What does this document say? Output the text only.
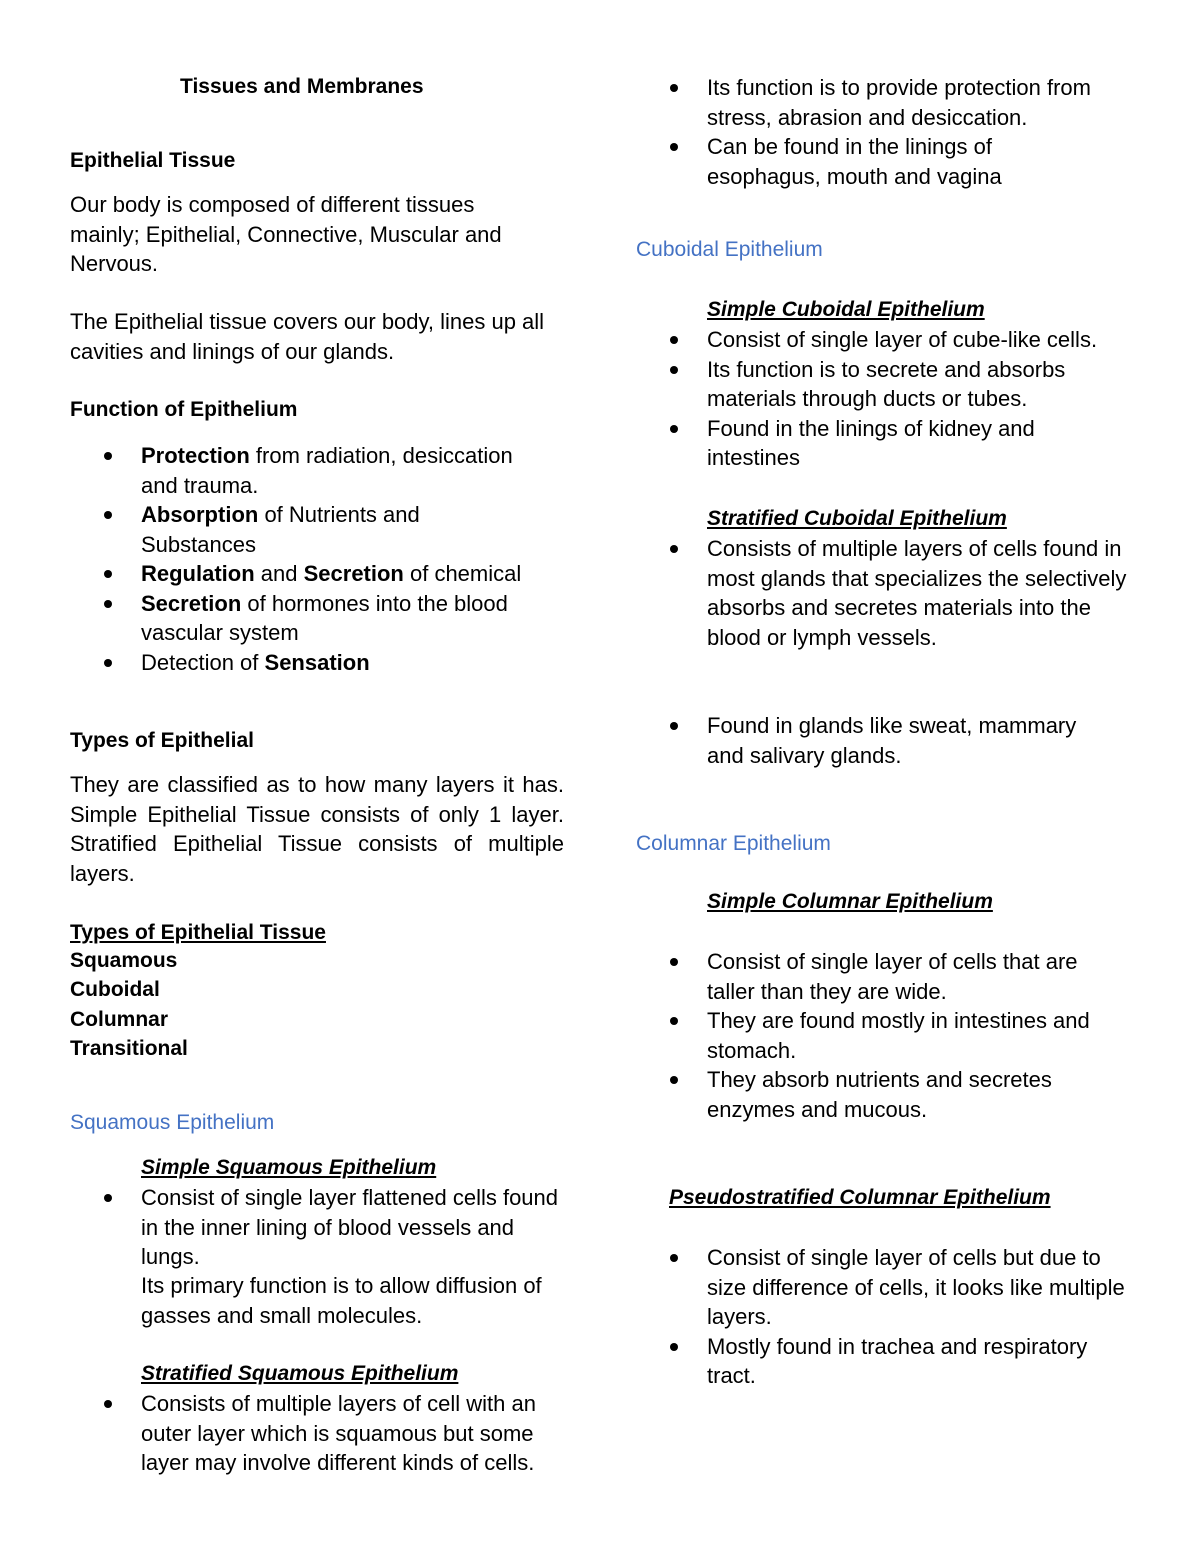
Tissues and Membranes
Epithelial Tissue

Our body is composed of different tissues mainly; Epithelial, Connective, Muscular and Nervous.

The Epithelial tissue covers our body, lines up all cavities and linings of our glands.

Function of Epithelium
Protection from radiation, desiccation and trauma.
Absorption of Nutrients and Substances
Regulation and Secretion of chemical
Secretion of hormones into the blood vascular system
Detection of Sensation
Types of Epithelial

They are classified as to how many layers it has. Simple Epithelial Tissue consists of only 1 layer. Stratified Epithelial Tissue consists of multiple layers.

Types of Epithelial Tissue
Squamous
Cuboidal
Columnar
Transitional
Squamous Epithelium
Simple Squamous Epithelium
Consist of single layer flattened cells found in the inner lining of blood vessels and lungs.

Its primary function is to allow diffusion of gasses and small molecules.

Stratified Squamous Epithelium
Consists of multiple layers of cell with an outer layer which is squamous but some layer may involve different kinds of cells.
Its function is to provide protection from stress, abrasion and desiccation.
Can be found in the linings of esophagus, mouth and vagina
Cuboidal Epithelium
Simple Cuboidal Epithelium
Consist of single layer of cube-like cells.
Its function is to secrete and absorbs materials through ducts or tubes.
Found in the linings of kidney and intestines
Stratified Cuboidal Epithelium
Consists of multiple layers of cells found in most glands that specializes the selectively absorbs and secretes materials into the blood or lymph vessels.
Found in glands like sweat, mammary and salivary glands.
Columnar Epithelium
Simple Columnar Epithelium
Consist of single layer of cells that are taller than they are wide.
They are found mostly in intestines and stomach.
They absorb nutrients and secretes enzymes and mucous.
Pseudostratified Columnar Epithelium
Consist of single layer of cells but due to size difference of cells, it looks like multiple layers.
Mostly found in trachea and respiratory tract.
